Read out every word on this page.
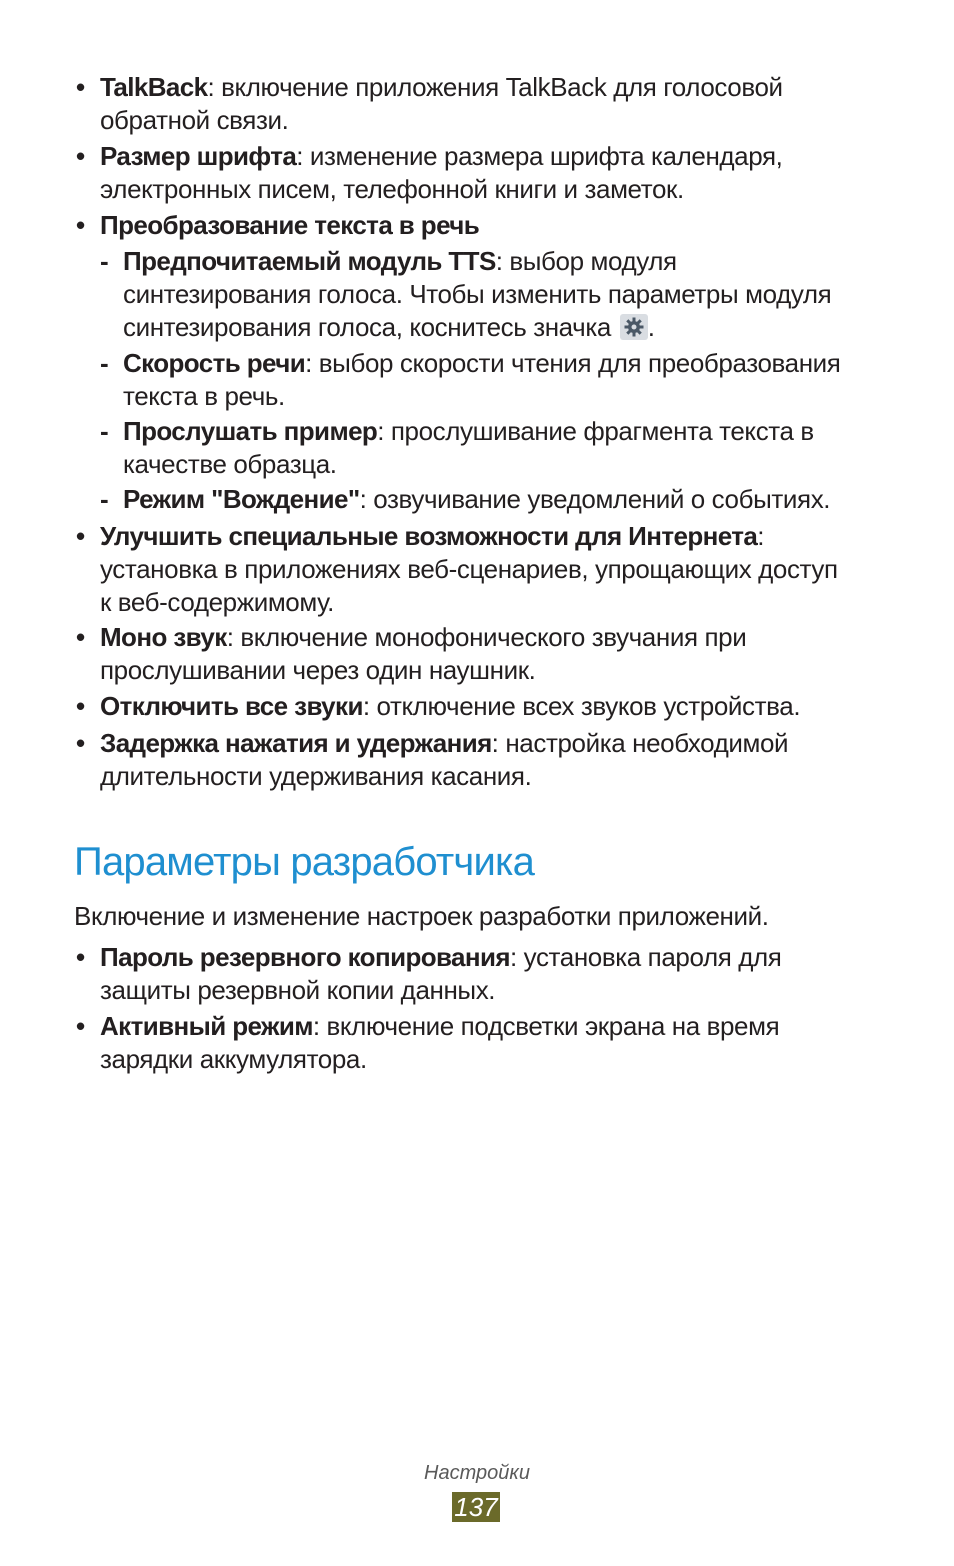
• TalkBack: включение приложения TalkBack для голосовой
обратной связи.
• Размер шрифта: изменение размера шрифта календаря,
электронных писем, телефонной книги и заметок.
• Преобразование текста в речь
- Предпочитаемый модуль TTS: выбор модуля
синтезирования голоса. Чтобы изменить параметры модуля
синтезирования голоса, коснитесь значка .
- Скорость речи: выбор скорости чтения для преобразования
текста в речь.
- Прослушать пример: прослушивание фрагмента текста в
качестве образца.
- Режим "Вождение": озвучивание уведомлений о событиях.
• Улучшить специальные возможности для Интернета:
установка в приложениях веб-сценариев, упрощающих доступ
к веб-содержимому.
• Моно звук: включение монофонического звучания при
прослушивании через один наушник.
• Отключить все звуки: отключение всех звуков устройства.
• Задержка нажатия и удержания: настройка необходимой
длительности удерживания касания.
Параметры разработчика
Включение и изменение настроек разработки приложений.
• Пароль резервного копирования: установка пароля для
защиты резервной копии данных.
• Активный режим: включение подсветки экрана на время
зарядки аккумулятора.
Настройки
137
